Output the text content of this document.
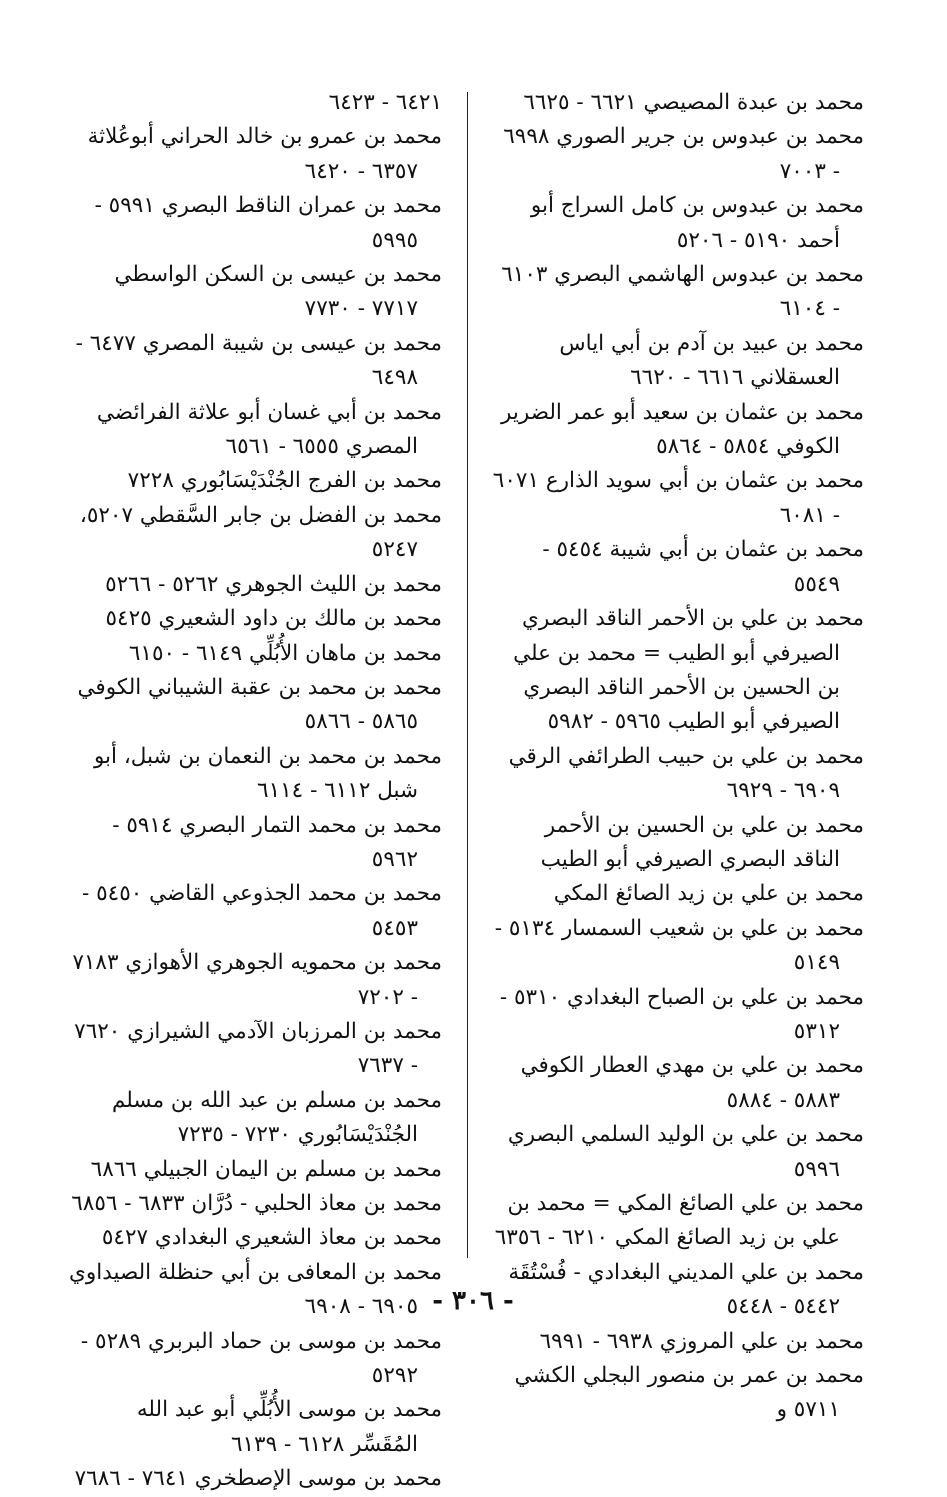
محمد بن عبدة المصيصي ٦٦٢١ - ٦٦٢٥

محمد بن عبدوس بن جرير الصوري ٦٩٩٨ - ٧٠٠٣

محمد بن عبدوس بن كامل السراج أبو أحمد ٥١٩٠ - ٥٢٠٦

محمد بن عبدوس الهاشمي البصري ٦١٠٣ - ٦١٠٤

محمد بن عبيد بن آدم بن أبي اياس العسقلاني ٦٦١٦ - ٦٦٢٠

محمد بن عثمان بن سعيد أبو عمر الضرير الكوفي ٥٨٥٤ - ٥٨٦٤

محمد بن عثمان بن أبي سويد الذارع ٦٠٧١ - ٦٠٨١

محمد بن عثمان بن أبي شيبة ٥٤٥٤ - ٥٥٤٩

محمد بن علي بن الأحمر الناقد البصري الصيرفي أبو الطيب = محمد بن علي بن الحسين بن الأحمر الناقد البصري الصيرفي أبو الطيب ٥٩٦٥ - ٥٩٨٢

محمد بن علي بن حبيب الطرائفي الرقي ٦٩٠٩ - ٦٩٢٩

محمد بن علي بن الحسين بن الأحمر الناقد البصري الصيرفي أبو الطيب

محمد بن علي بن زيد الصائغ المكي

محمد بن علي بن شعيب السمسار ٥١٣٤ - ٥١٤٩

محمد بن علي بن الصباح البغدادي ٥٣١٠ - ٥٣١٢

محمد بن علي بن مهدي العطار الكوفي ٥٨٨٣ - ٥٨٨٤

محمد بن علي بن الوليد السلمي البصري ٥٩٩٦

محمد بن علي الصائغ المكي = محمد بن علي بن زيد الصائغ المكي ٦٢١٠ - ٦٣٥٦

محمد بن علي المديني البغدادي - فُسْتُقَة ٥٤٤٢ - ٥٤٤٨

محمد بن علي المروزي ٦٩٣٨ - ٦٩٩١

محمد بن عمر بن منصور البجلي الكشي ٥٧١١ و

٦٤٢١ - ٦٤٢٣

محمد بن عمرو بن خالد الحراني أبوعُلاثة ٦٣٥٧ - ٦٤٢٠

محمد بن عمران الناقط البصري ٥٩٩١ - ٥٩٩٥

محمد بن عيسى بن السكن الواسطي ٧٧١٧ - ٧٧٣٠

محمد بن عيسى بن شيبة المصري ٦٤٧٧ - ٦٤٩٨

محمد بن أبي غسان أبو علاثة الفرائضي المصري ٦٥٥٥ - ٦٥٦١

محمد بن الفرج الجُنْدَيْسَابُوري ٧٢٢٨

محمد بن الفضل بن جابر السَّقطي ٥٢٠٧، ٥٢٤٧

محمد بن الليث الجوهري ٥٢٦٢ - ٥٢٦٦

محمد بن مالك بن داود الشعيري ٥٤٢٥

محمد بن ماهان الأُبُلِّي ٦١٤٩ - ٦١٥٠

محمد بن محمد بن عقبة الشيباني الكوفي ٥٨٦٥ - ٥٨٦٦

محمد بن محمد بن النعمان بن شبل، أبو شبل ٦١١٢ - ٦١١٤

محمد بن محمد التمار البصري ٥٩١٤ - ٥٩٦٢

محمد بن محمد الجذوعي القاضي ٥٤٥٠ - ٥٤٥٣

محمد بن محمويه الجوهري الأهوازي ٧١٨٣ - ٧٢٠٢

محمد بن المرزبان الآدمي الشيرازي ٧٦٢٠ - ٧٦٣٧

محمد بن مسلم بن عبد الله بن مسلم الجُنْدَيْسَابُوري ٧٢٣٠ - ٧٢٣٥

محمد بن مسلم بن اليمان الجبيلي ٦٨٦٦

محمد بن معاذ الحلبي - دُرَّان ٦٨٣٣ - ٦٨٥٦

محمد بن معاذ الشعيري البغدادي ٥٤٢٧

محمد بن المعافى بن أبي حنظلة الصيداوي ٦٩٠٥ - ٦٩٠٨

محمد بن موسى بن حماد البربري ٥٢٨٩ - ٥٢٩٢

محمد بن موسى الأُبُلِّي أبو عبد الله المُقَسِّر ٦١٢٨ - ٦١٣٩

محمد بن موسى الإصطخري ٧٦٤١ - ٧٦٨٦

- ٣٠٦ -
